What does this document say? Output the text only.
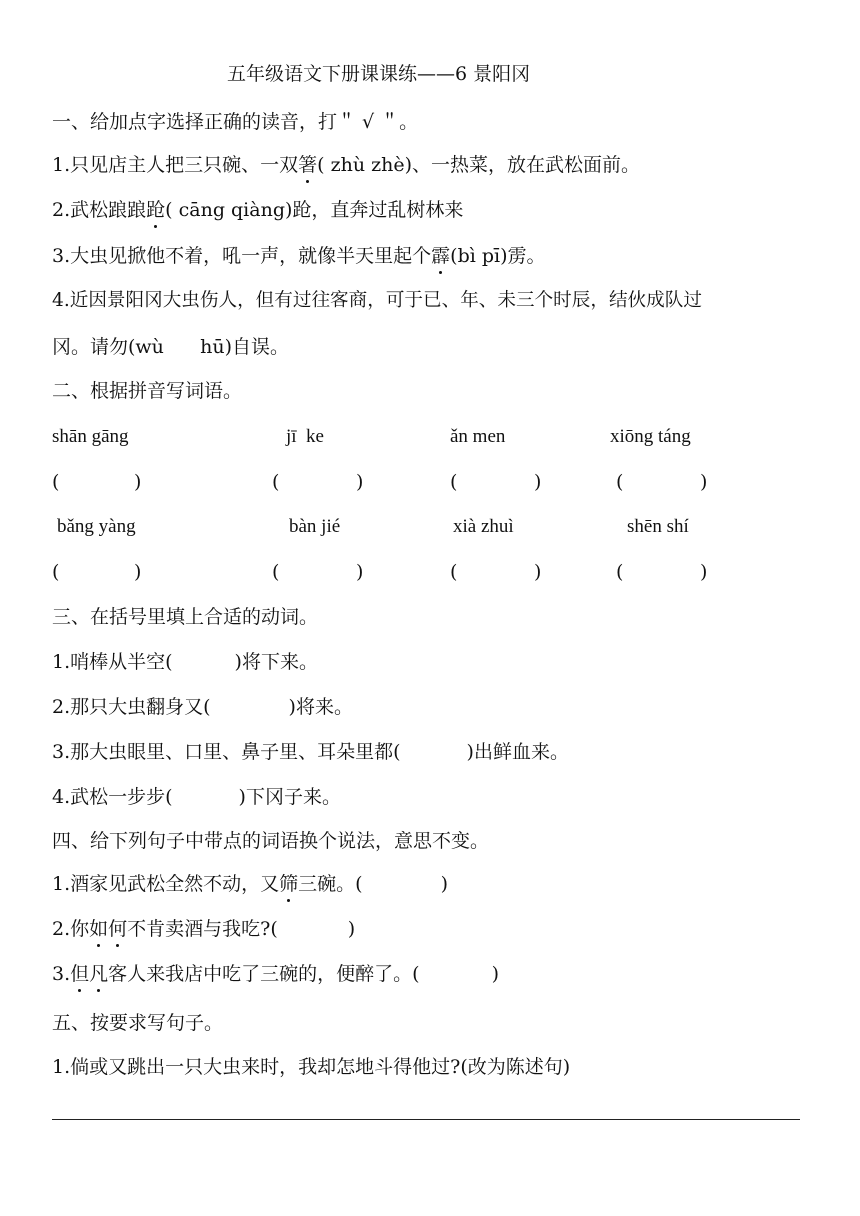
五年级语文下册课课练——6 景阳冈
一、给加点字选择正确的读音，打＂ √ ＂。
1.只见店主人把三只碗、一双箸( zhù zhè)、一热菜，放在武松面前。
2.武松踉踉跄( cāng qiàng)跄，直奔过乱树林来
3.大虫见掀他不着，吼一声，就像半天里起个霹(bì pī)雳。
4.近因景阳冈大虫伤人，但有过往客商，可于已、年、未三个时辰，结伙成队过
冈。请勿(wù      hū)自误。
二、根据拼音写词语。
shān gāng	jī  ke	ǎn men	xiōng táng
(	)	(	)	(	)	(	)
bǎng yàng	bàn jié	xià zhuì	shēn shí
(	)	(	)	(	)	(	)
三、在括号里填上合适的动词。
1.哨棒从半空(	)将下来。
2.那只大虫翻身又(	)将来。
3.那大虫眼里、口里、鼻子里、耳朵里都(	)出鲜血来。
4.武松一步步(	)下冈子来。
四、给下列句子中带点的词语换个说法，意思不变。
1.酒家见武松全然不动，又筛三碗。(	)
2.你如何不肯卖酒与我吃?(	)
3.但凡客人来我店中吃了三碗的，便醉了。(	)
五、按要求写句子。
1.倘或又跳出一只大虫来时，我却怎地斗得他过?(改为陈述句)
